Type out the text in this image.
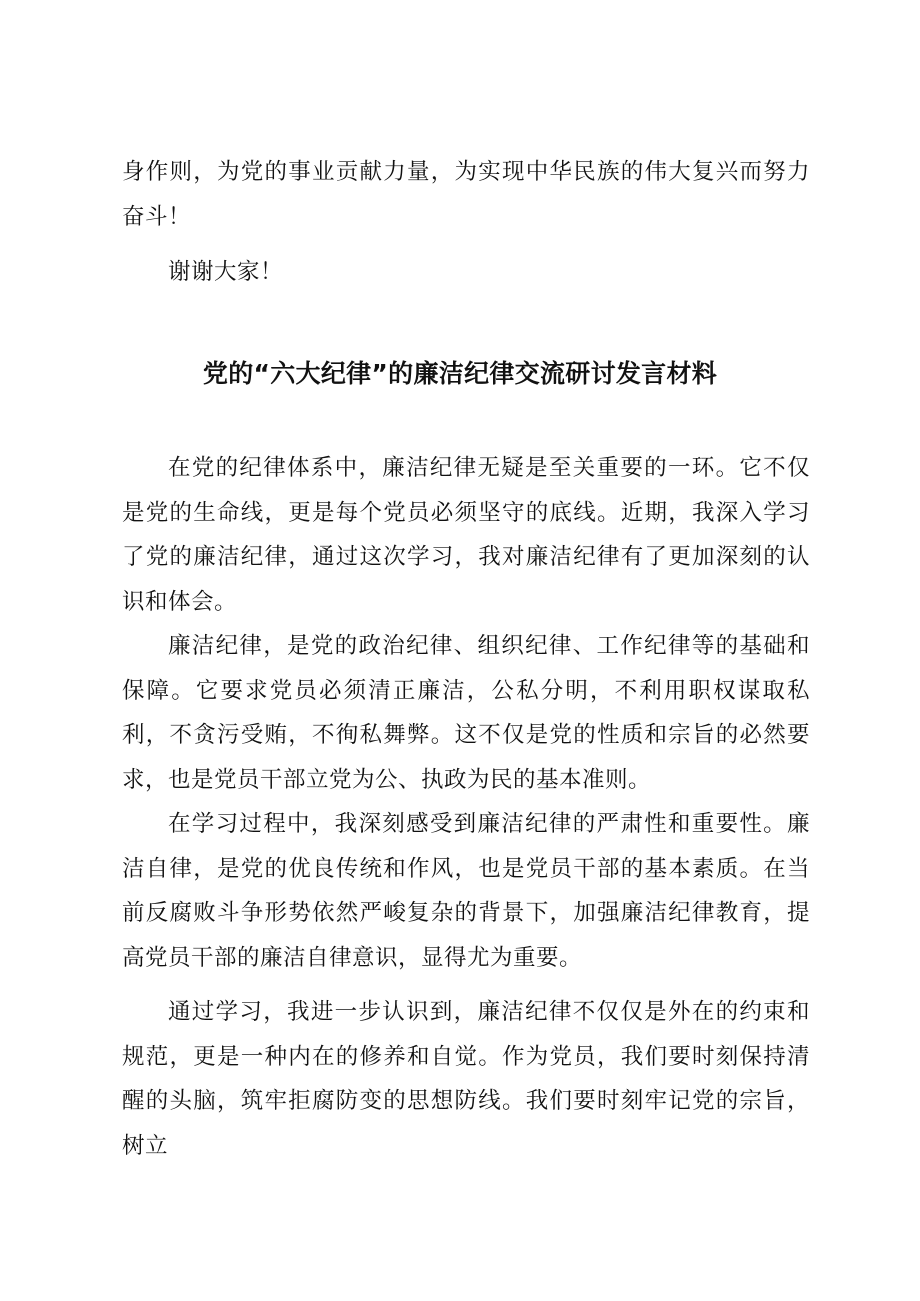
身作则，为党的事业贡献力量，为实现中华民族的伟大复兴而努力奋斗！

谢谢大家！

党的“六大纪律”的廉洁纪律交流研讨发言材料

在党的纪律体系中，廉洁纪律无疑是至关重要的一环。它不仅是党的生命线，更是每个党员必须坚守的底线。近期，我深入学习了党的廉洁纪律，通过这次学习，我对廉洁纪律有了更加深刻的认识和体会。

廉洁纪律，是党的政治纪律、组织纪律、工作纪律等的基础和保障。它要求党员必须清正廉洁，公私分明，不利用职权谋取私利，不贪污受贿，不徇私舞弊。这不仅是党的性质和宗旨的必然要求，也是党员干部立党为公、执政为民的基本准则。

在学习过程中，我深刻感受到廉洁纪律的严肃性和重要性。廉洁自律，是党的优良传统和作风，也是党员干部的基本素质。在当前反腐败斗争形势依然严峻复杂的背景下，加强廉洁纪律教育，提高党员干部的廉洁自律意识，显得尤为重要。

通过学习，我进一步认识到，廉洁纪律不仅仅是外在的约束和规范，更是一种内在的修养和自觉。作为党员，我们要时刻保持清醒的头脑，筑牢拒腐防变的思想防线。我们要时刻牢记党的宗旨，树立
